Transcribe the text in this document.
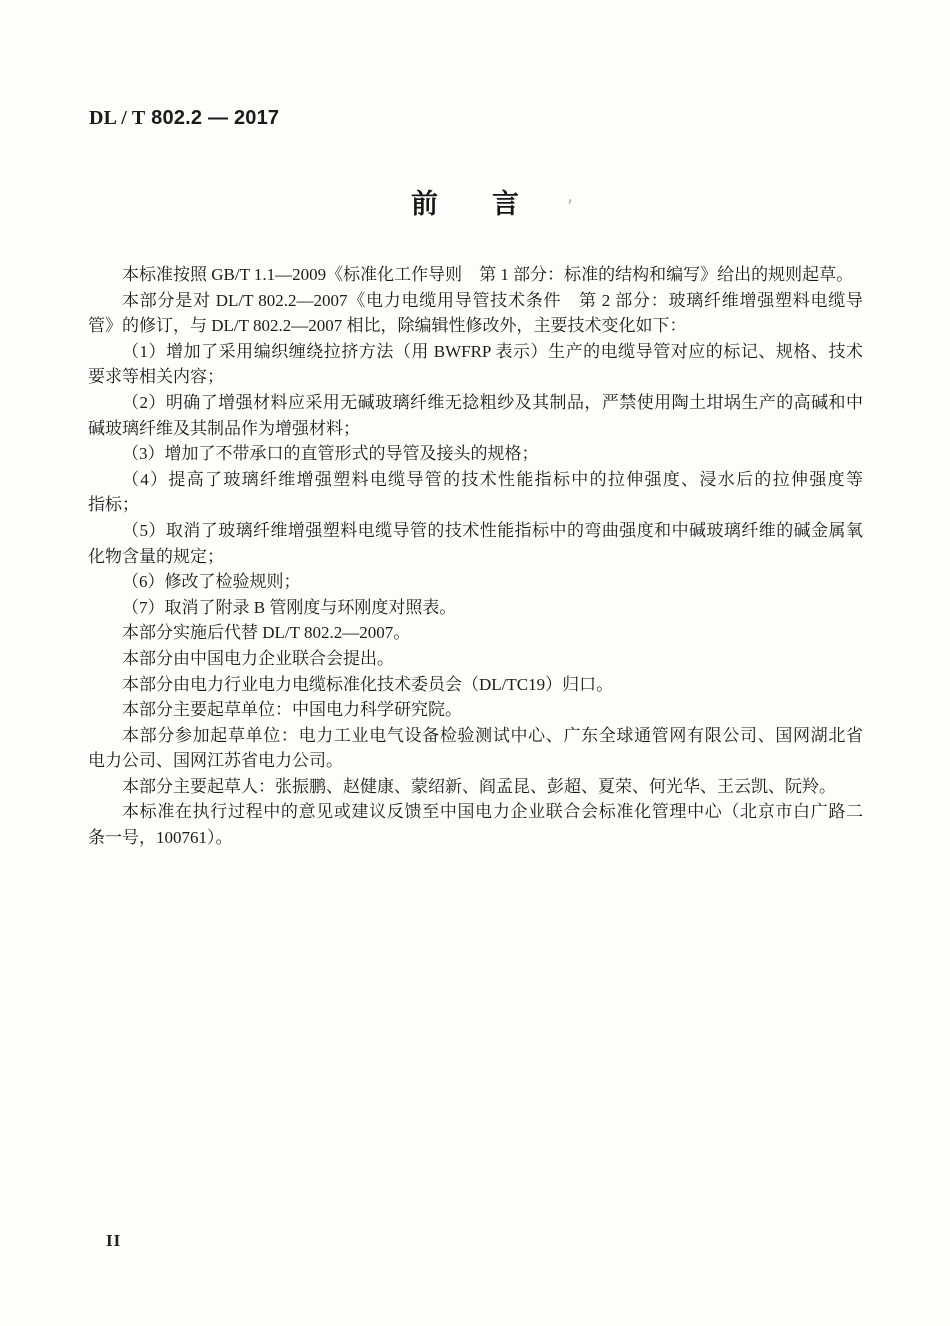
DL / T 802.2 — 2017
前　　言
本标准按照 GB/T 1.1—2009《标准化工作导则　第 1 部分：标准的结构和编写》给出的规则起草。
本部分是对 DL/T 802.2—2007《电力电缆用导管技术条件　第 2 部分：玻璃纤维增强塑料电缆导
管》的修订，与 DL/T 802.2—2007 相比，除编辑性修改外，主要技术变化如下：
（1）增加了采用编织缠绕拉挤方法（用 BWFRP 表示）生产的电缆导管对应的标记、规格、技术
要求等相关内容；
（2）明确了增强材料应采用无碱玻璃纤维无捻粗纱及其制品，严禁使用陶土坩埚生产的高碱和中
碱玻璃纤维及其制品作为增强材料；
（3）增加了不带承口的直管形式的导管及接头的规格；
（4）提高了玻璃纤维增强塑料电缆导管的技术性能指标中的拉伸强度、浸水后的拉伸强度等
指标；
（5）取消了玻璃纤维增强塑料电缆导管的技术性能指标中的弯曲强度和中碱玻璃纤维的碱金属氧
化物含量的规定；
（6）修改了检验规则；
（7）取消了附录 B 管刚度与环刚度对照表。
本部分实施后代替 DL/T 802.2—2007。
本部分由中国电力企业联合会提出。
本部分由电力行业电力电缆标准化技术委员会（DL/TC19）归口。
本部分主要起草单位：中国电力科学研究院。
本部分参加起草单位：电力工业电气设备检验测试中心、广东全球通管网有限公司、国网湖北省
电力公司、国网江苏省电力公司。
本部分主要起草人：张振鹏、赵健康、蒙绍新、阎孟昆、彭超、夏荣、何光华、王云凯、阮羚。
本标准在执行过程中的意见或建议反馈至中国电力企业联合会标准化管理中心（北京市白广路二
条一号，100761）。
II
